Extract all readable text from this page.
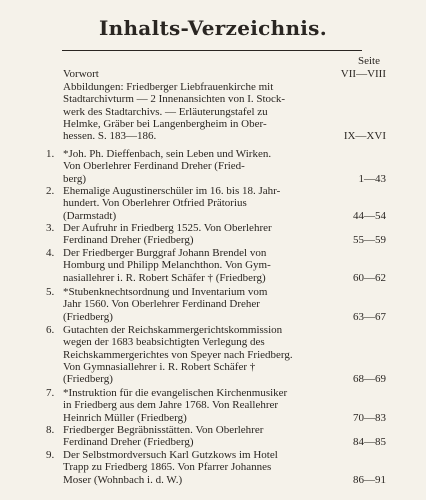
Inhalts-Verzeichnis.
Seite
Vorwort	VII—VIII
Abbildungen: Friedberger Liebfrauenkirche mit
Stadtarchivturm — 2 Innenansichten von I. Stock-
werk des Stadtarchivs. — Erläuterungstafel zu
Helmke, Gräber bei Langenbergheim in Ober-
hessen. S. 183—186.	IX—XVI
1. *Joh. Ph. Dieffenbach, sein Leben und Wirken.
Von Oberlehrer Ferdinand Dreher (Fried-
berg)	1—43
2. Ehemalige Augustinerschüler im 16. bis 18. Jahr-
hundert. Von Oberlehrer Otfried Prätorius
(Darmstadt)	44—54
3. Der Aufruhr in Friedberg 1525. Von Oberlehrer
Ferdinand Dreher (Friedberg)	55—59
4. Der Friedberger Burggraf Johann Brendel von
Homburg und Philipp Melanchthon. Von Gym-
nasiallehrer i. R. Robert Schäfer † (Friedberg)	60—62
5. *Stubenknechtsordnung und Inventarium vom
Jahr 1560. Von Oberlehrer Ferdinand Dreher
(Friedberg)	63—67
6. Gutachten der Reichskammergerichtskommission
wegen der 1683 beabsichtigten Verlegung des
Reichskammergerichtes von Speyer nach Friedberg.
Von Gymnasiallehrer i. R. Robert Schäfer †
(Friedberg)	68—69
7. *Instruktion für die evangelischen Kirchenmusiker
in Friedberg aus dem Jahre 1768. Von Reallehrer
Heinrich Müller (Friedberg)	70—83
8. Friedberger Begräbnisstätten. Von Oberlehrer
Ferdinand Dreher (Friedberg)	84—85
9. Der Selbstmordversuch Karl Gutzkows im Hotel
Trapp zu Friedberg 1865. Von Pfarrer Johannes
Moser (Wohnbach i. d. W.)	86—91
